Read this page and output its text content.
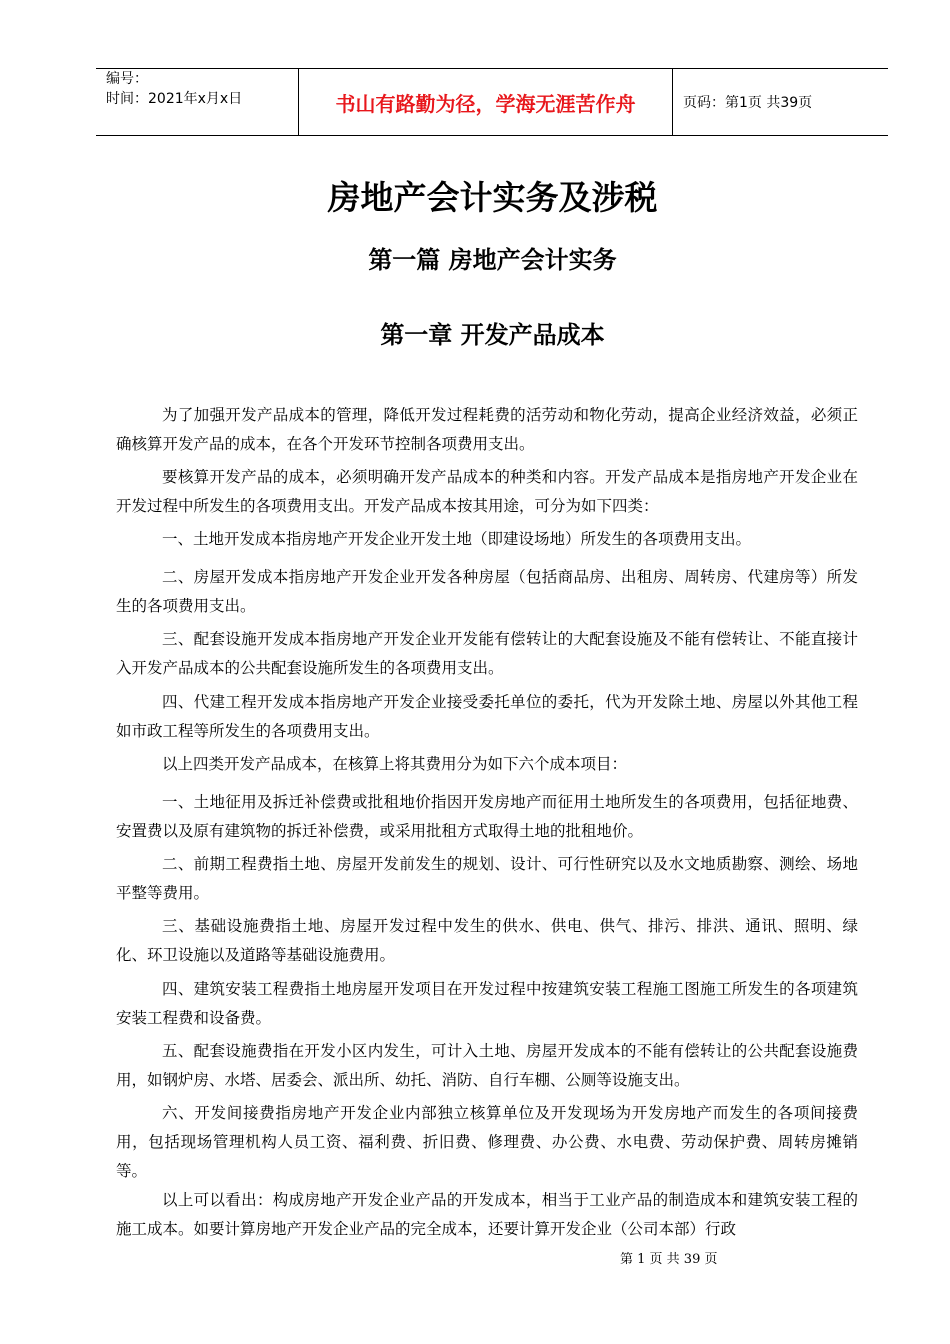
编号：
时间：2021年x月x日	书山有路勤为径，学海无涯苦作舟	页码：第1页 共39页
房地产会计实务及涉税
第一篇 房地产会计实务
第一章 开发产品成本

为了加强开发产品成本的管理，降低开发过程耗费的活劳动和物化劳动，提高企业经济效益，必须正确核算开发产品的成本，在各个开发环节控制各项费用支出。

要核算开发产品的成本，必须明确开发产品成本的种类和内容。开发产品成本是指房地产开发企业在开发过程中所发生的各项费用支出。开发产品成本按其用途，可分为如下四类：

一、土地开发成本指房地产开发企业开发土地（即建设场地）所发生的各项费用支出。

二、房屋开发成本指房地产开发企业开发各种房屋（包括商品房、出租房、周转房、代建房等）所发生的各项费用支出。

三、配套设施开发成本指房地产开发企业开发能有偿转让的大配套设施及不能有偿转让、不能直接计入开发产品成本的公共配套设施所发生的各项费用支出。

四、代建工程开发成本指房地产开发企业接受委托单位的委托，代为开发除土地、房屋以外其他工程如市政工程等所发生的各项费用支出。

以上四类开发产品成本，在核算上将其费用分为如下六个成本项目：

一、土地征用及拆迁补偿费或批租地价指因开发房地产而征用土地所发生的各项费用，包括征地费、安置费以及原有建筑物的拆迁补偿费，或采用批租方式取得土地的批租地价。

二、前期工程费指土地、房屋开发前发生的规划、设计、可行性研究以及水文地质勘察、测绘、场地平整等费用。

三、基础设施费指土地、房屋开发过程中发生的供水、供电、供气、排污、排洪、通讯、照明、绿化、环卫设施以及道路等基础设施费用。

四、建筑安装工程费指土地房屋开发项目在开发过程中按建筑安装工程施工图施工所发生的各项建筑安装工程费和设备费。

五、配套设施费指在开发小区内发生，可计入土地、房屋开发成本的不能有偿转让的公共配套设施费用，如钢炉房、水塔、居委会、派出所、幼托、消防、自行车棚、公厕等设施支出。

六、开发间接费指房地产开发企业内部独立核算单位及开发现场为开发房地产而发生的各项间接费用，包括现场管理机构人员工资、福利费、折旧费、修理费、办公费、水电费、劳动保护费、周转房摊销等。

以上可以看出：构成房地产开发企业产品的开发成本，相当于工业产品的制造成本和建筑安装工程的施工成本。如要计算房地产开发企业产品的完全成本，还要计算开发企业（公司本部）行政

第 1 页 共 39 页
